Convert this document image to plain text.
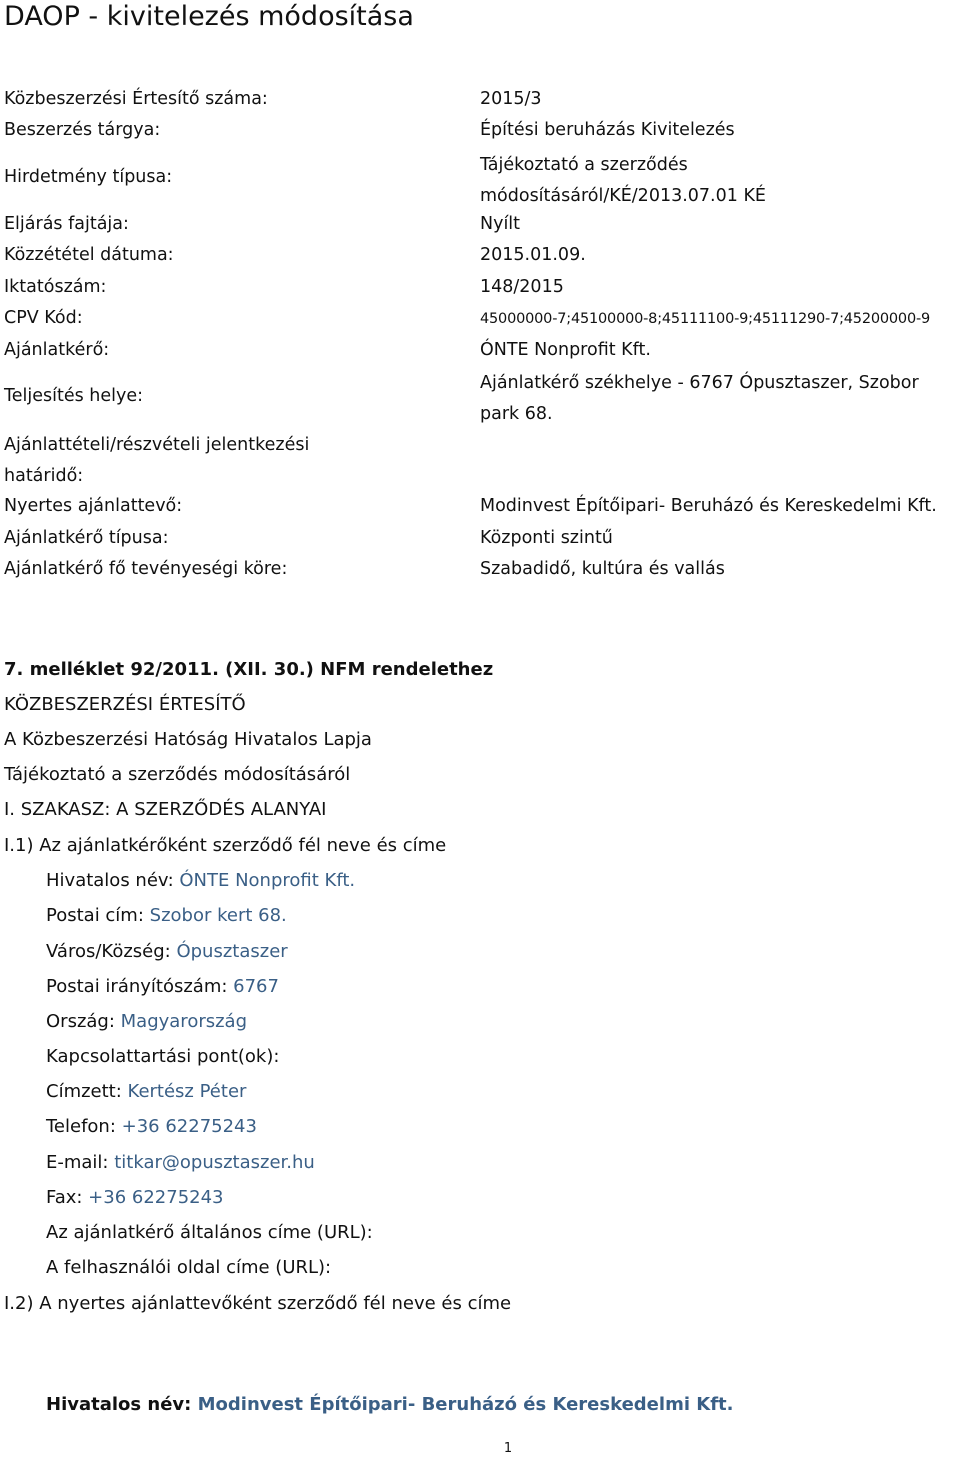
DAOP - kivitelezés módosítása
Közbeszerzési Értesítő száma:	2015/3
Beszerzés tárgya:	Építési beruházás Kivitelezés
Hirdetmény típusa:
Tájékoztató a szerződés módosításáról/KÉ/2013.07.01 KÉ
Eljárás fajtája:	Nyílt
Közzététel dátuma:	2015.01.09.
Iktatószám:	148/2015
CPV Kód:	45000000-7;45100000-8;45111100-9;45111290-7;45200000-9
Ajánlatkérő:	ÓNTE Nonprofit Kft.
Teljesítés helye:
Ajánlatkérő székhelye - 6767 Ópusztaszer, Szobor park 68.
Ajánlattételi/részvételi jelentkezési határidő:
Nyertes ajánlattevő:	Modinvest Építőipari- Beruházó és Kereskedelmi Kft.
Ajánlatkérő típusa:	Központi szintű
Ajánlatkérő fő tevényeségi köre:	Szabadidő, kultúra és vallás
7. melléklet 92/2011. (XII. 30.) NFM rendelethez
KÖZBESZERZÉSI ÉRTESÍTŐ
A Közbeszerzési Hatóság Hivatalos Lapja
Tájékoztató a szerződés módosításáról
I. SZAKASZ: A SZERZŐDÉS ALANYAI
I.1) Az ajánlatkérőként szerződő fél neve és címe
Hivatalos név: ÓNTE Nonprofit Kft.
Postai cím: Szobor kert 68.
Város/Község: Ópusztaszer
Postai irányítószám: 6767
Ország: Magyarország
Kapcsolattartási pont(ok):
Címzett: Kertész Péter
Telefon: +36 62275243
E-mail: titkar@opusztaszer.hu
Fax: +36 62275243
Az ajánlatkérő általános címe (URL):
A felhasználói oldal címe (URL):
I.2) A nyertes ajánlattevőként szerződő fél neve és címe
Hivatalos név: Modinvest Építőipari- Beruházó és Kereskedelmi Kft.
1
